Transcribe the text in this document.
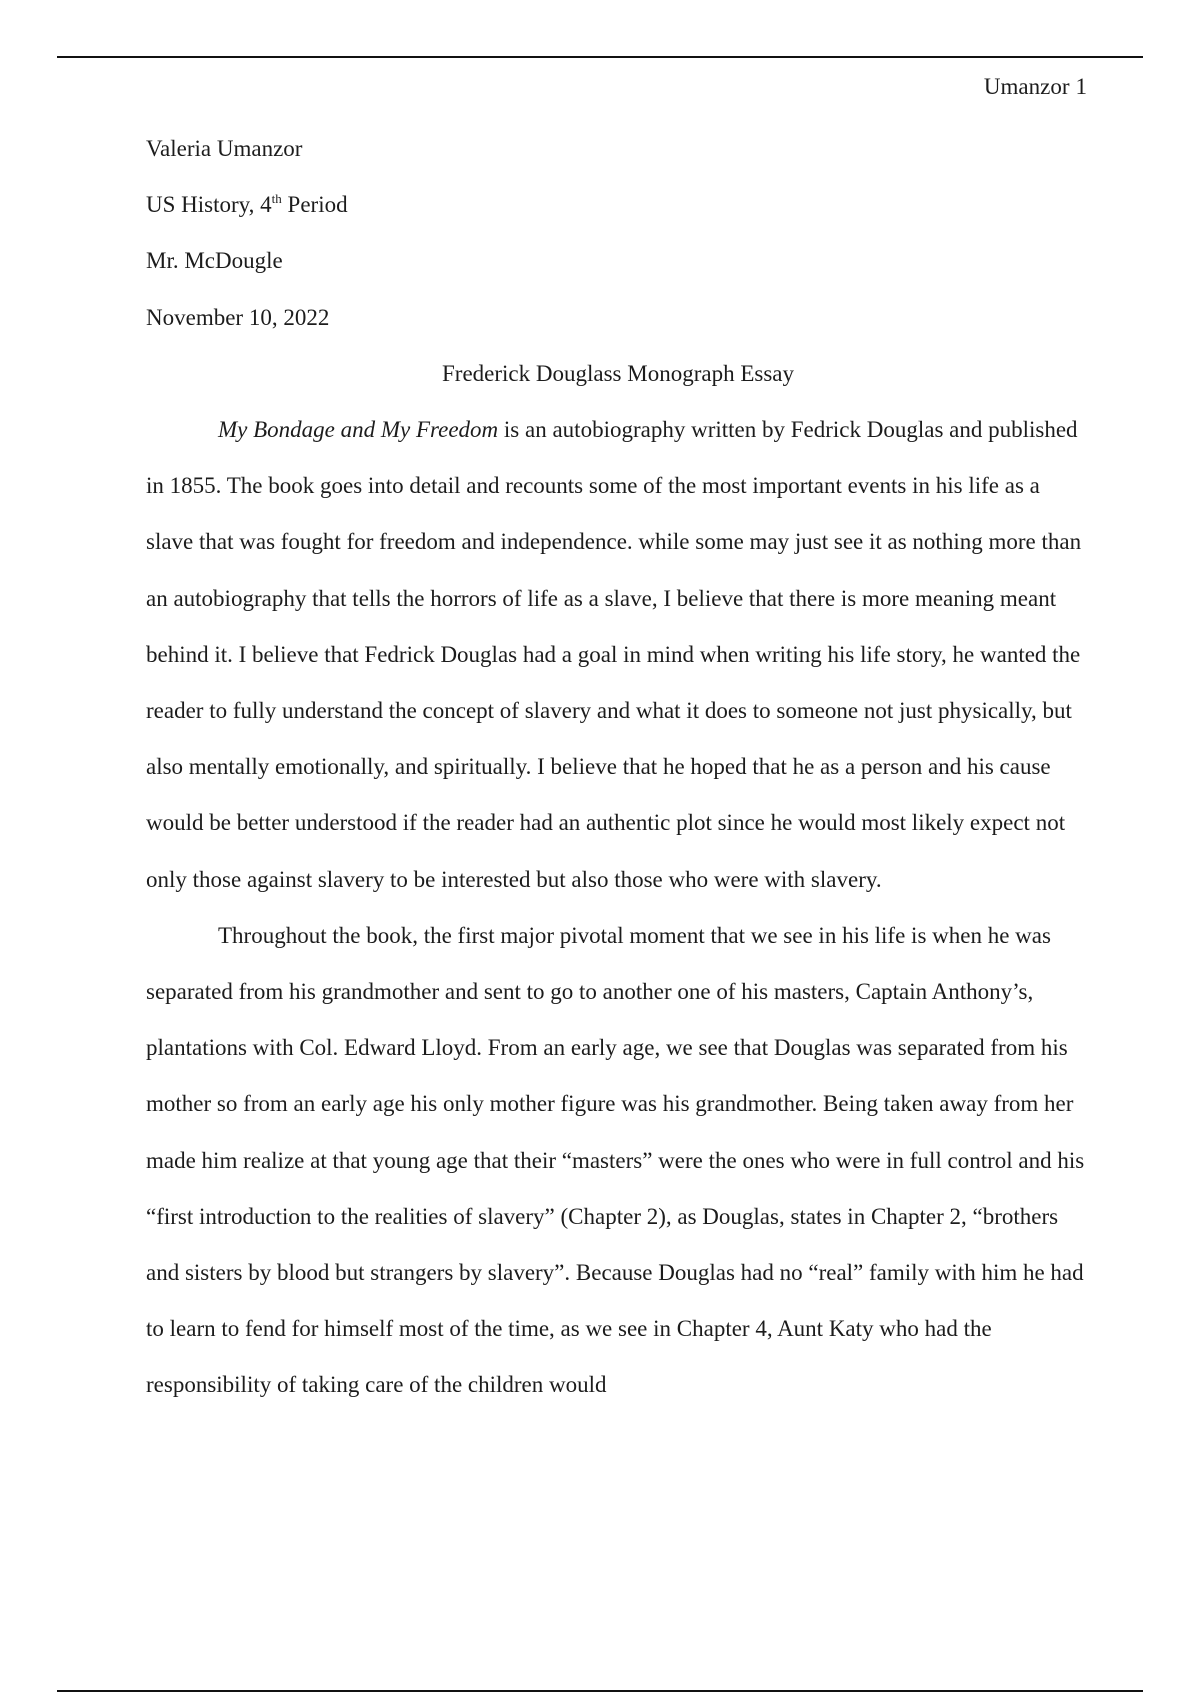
Umanzor 1

Valeria Umanzor

US History, 4th Period

Mr. McDougle

November 10, 2022

Frederick Douglass Monograph Essay

My Bondage and My Freedom is an autobiography written by Fedrick Douglas and published in 1855. The book goes into detail and recounts some of the most important events in his life as a slave that was fought for freedom and independence. while some may just see it as nothing more than an autobiography that tells the horrors of life as a slave, I believe that there is more meaning meant behind it. I believe that Fedrick Douglas had a goal in mind when writing his life story, he wanted the reader to fully understand the concept of slavery and what it does to someone not just physically, but also mentally emotionally, and spiritually. I believe that he hoped that he as a person and his cause would be better understood if the reader had an authentic plot since he would most likely expect not only those against slavery to be interested but also those who were with slavery.

Throughout the book, the first major pivotal moment that we see in his life is when he was separated from his grandmother and sent to go to another one of his masters, Captain Anthony’s, plantations with Col. Edward Lloyd. From an early age, we see that Douglas was separated from his mother so from an early age his only mother figure was his grandmother. Being taken away from her made him realize at that young age that their “masters” were the ones who were in full control and his “first introduction to the realities of slavery” (Chapter 2), as Douglas, states in Chapter 2, “brothers and sisters by blood but strangers by slavery”. Because Douglas had no “real” family with him he had to learn to fend for himself most of the time, as we see in Chapter 4, Aunt Katy who had the responsibility of taking care of the children would
